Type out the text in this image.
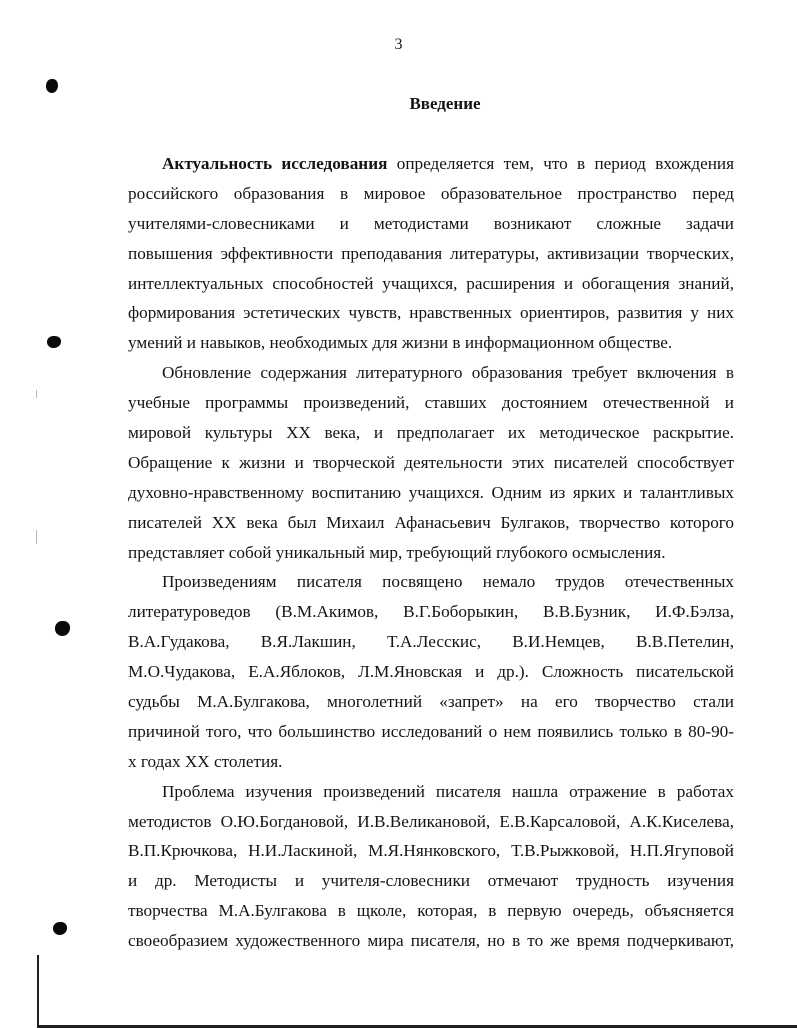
3
Введение
Актуальность исследования определяется тем, что в период вхождения
российского образования в мировое образовательное пространство перед
учителями-словесниками и методистами возникают сложные задачи
повышения эффективности преподавания литературы, активизации творческих,
интеллектуальных способностей учащихся, расширения и обогащения знаний,
формирования эстетических чувств, нравственных ориентиров, развития у них
умений и навыков, необходимых для жизни в информационном обществе.
Обновление содержания литературного образования требует включения в
учебные программы произведений, ставших достоянием отечественной и
мировой культуры XX века, и предполагает их методическое раскрытие.
Обращение к жизни и творческой деятельности этих писателей способствует
духовно-нравственному воспитанию учащихся. Одним из ярких и талантливых
писателей XX века был Михаил Афанасьевич Булгаков, творчество которого
представляет собой уникальный мир, требующий глубокого осмысления.
Произведениям писателя посвящено немало трудов отечественных
литературоведов (В.М.Акимов, В.Г.Боборыкин, В.В.Бузник, И.Ф.Бэлза,
В.А.Гудакова, В.Я.Лакшин, Т.А.Лесскис, В.И.Немцев, В.В.Петелин,
М.О.Чудакова, Е.А.Яблоков, Л.М.Яновская и др.). Сложность писательской
судьбы М.А.Булгакова, многолетний «запрет» на его творчество стали
причиной того, что большинство исследований о нем появились только в 80-90-
х годах XX столетия.
Проблема изучения произведений писателя нашла отражение в работах
методистов О.Ю.Богдановой, И.В.Великановой, Е.В.Карсаловой, А.К.Киселева,
В.П.Крючкова, Н.И.Ласкиной, М.Я.Нянковского, Т.В.Рыжковой, Н.П.Ягуповой
и др. Методисты и учителя-словесники отмечают трудность изучения
творчества М.А.Булгакова в щколе, которая, в первую очередь, объясняется
своеобразием художественного мира писателя, но в то же время подчеркивают,
